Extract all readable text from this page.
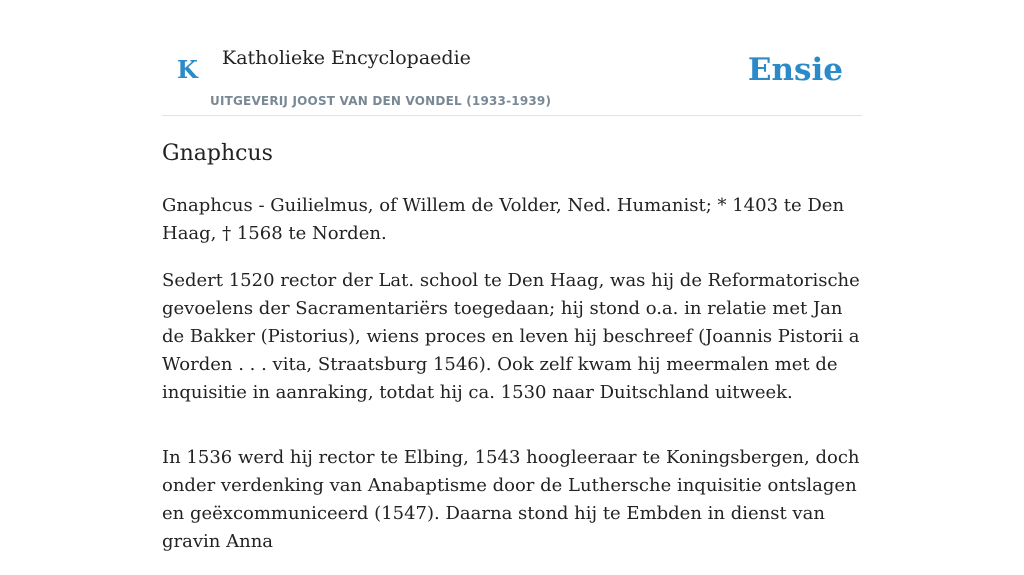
K Katholieke Encyclopaedie
UITGEVERIJ JOOST VAN DEN VONDEL (1933-1939)
Ensie
Gnaphcus

Gnaphcus - Guilielmus, of Willem de Volder, Ned. Humanist; * 1403 te Den Haag, † 1568 te Norden.

Sedert 1520 rector der Lat. school te Den Haag, was hij de Reformatorische gevoelens der Sacramentariërs toegedaan; hij stond o.a. in relatie met Jan de Bakker (Pistorius), wiens proces en leven hij beschreef (Joannis Pistorii a Worden . . . vita, Straatsburg 1546). Ook zelf kwam hij meermalen met de inquisitie in aanraking, totdat hij ca. 1530 naar Duitschland uitweek.

In 1536 werd hij rector te Elbing, 1543 hoogleeraar te Koningsbergen, doch onder verdenking van Anabaptisme door de Luthersche inquisitie ontslagen en geëxcommuniceerd (1547). Daarna stond hij te Embden in dienst van gravin Anna
